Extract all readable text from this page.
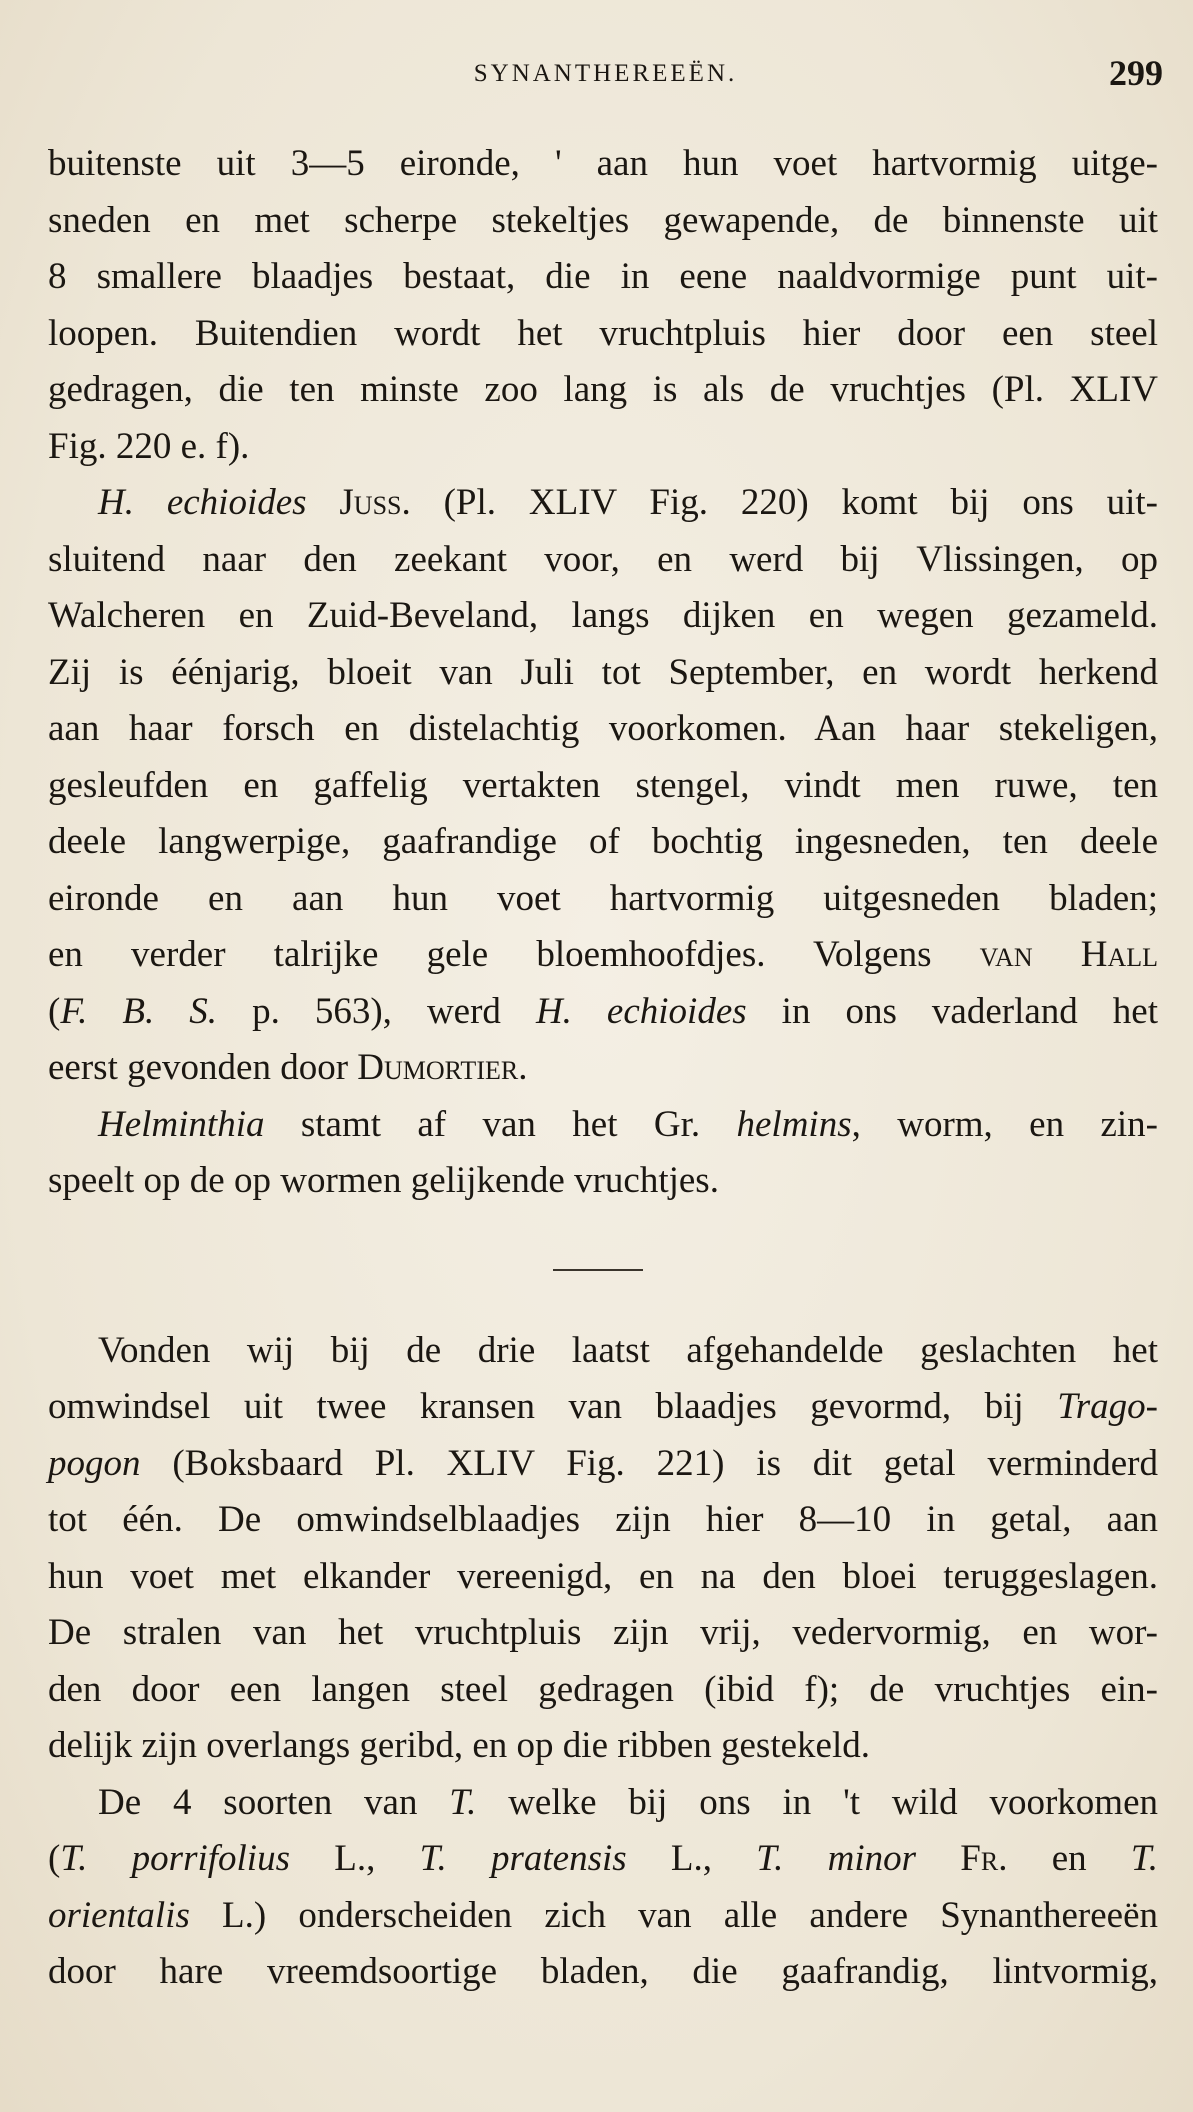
SYNANTHEREEËN.	299
buitenste uit 3—5 eironde, ' aan hun voet hartvormig uitge-
sneden en met scherpe stekeltjes gewapende, de binnenste uit
8 smallere blaadjes bestaat, die in eene naaldvormige punt uit-
loopen. Buitendien wordt het vruchtpluis hier door een steel
gedragen, die ten minste zoo lang is als de vruchtjes (Pl. XLIV
Fig. 220 e. f).
H. echioides Juss. (Pl. XLIV Fig. 220) komt bij ons uit-
sluitend naar den zeekant voor, en werd bij Vlissingen, op
Walcheren en Zuid-Beveland, langs dijken en wegen gezameld.
Zij is éénjarig, bloeit van Juli tot September, en wordt herkend
aan haar forsch en distelachtig voorkomen. Aan haar stekeligen,
gesleufden en gaffelig vertakten stengel, vindt men ruwe, ten
deele langwerpige, gaafrandige of bochtig ingesneden, ten deele
eironde en aan hun voet hartvormig uitgesneden bladen;
en verder talrijke gele bloemhoofdjes. Volgens van Hall
(F. B. S. p. 563), werd H. echioides in ons vaderland het
eerst gevonden door Dumortier.
Helminthia stamt af van het Gr. helmins, worm, en zin-
speelt op de op wormen gelijkende vruchtjes.
Vonden wij bij de drie laatst afgehandelde geslachten het
omwindsel uit twee kransen van blaadjes gevormd, bij Trago-
pogon (Boksbaard Pl. XLIV Fig. 221) is dit getal verminderd
tot één. De omwindselblaadjes zijn hier 8—10 in getal, aan
hun voet met elkander vereenigd, en na den bloei teruggeslagen.
De stralen van het vruchtpluis zijn vrij, vedervormig, en wor-
den door een langen steel gedragen (ibid f); de vruchtjes ein-
delijk zijn overlangs geribd, en op die ribben gestekeld.
De 4 soorten van T. welke bij ons in 't wild voorkomen
(T. porrifolius L., T. pratensis L., T. minor Fr. en T.
orientalis L.) onderscheiden zich van alle andere Synanthereeën
door hare vreemdsoortige bladen, die gaafrandig, lintvormig,
